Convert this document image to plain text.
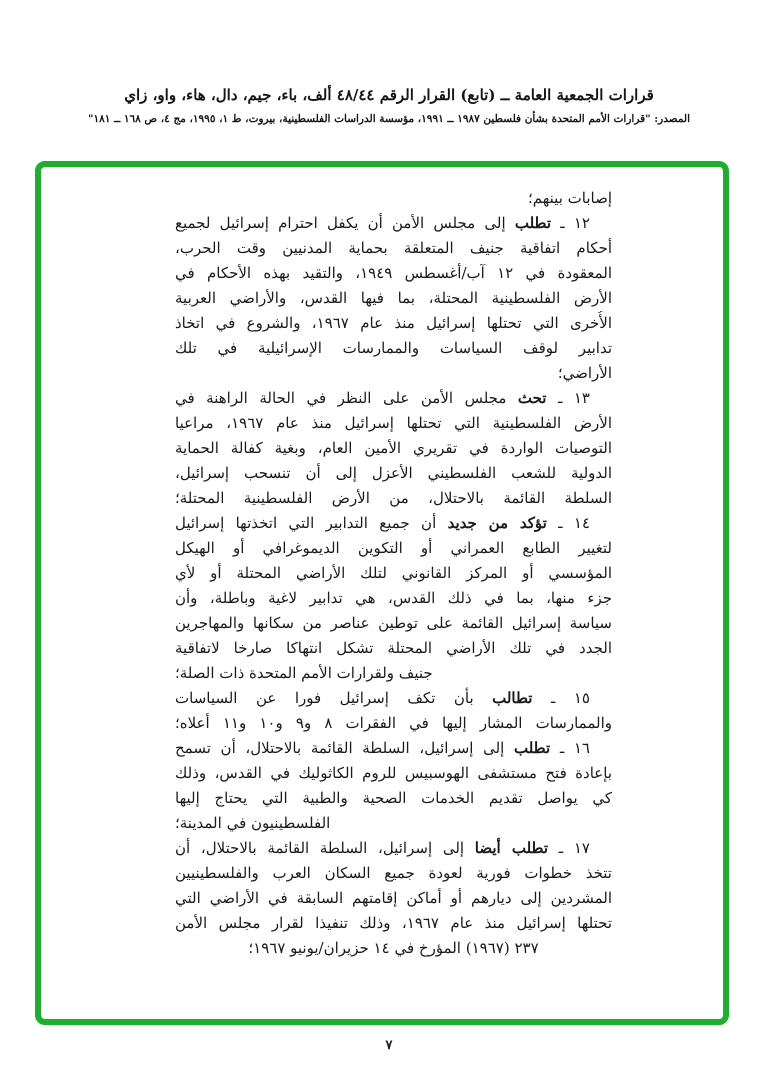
قرارات الجمعية العامة ــ (تابع) القرار الرقم ٤٨/٤٤ ألف، باء، جيم، دال، هاء، واو، زاي
المصدر: "قرارات الأمم المتحدة بشأن فلسطين ١٩٨٧ ــ ١٩٩١، مؤسسة الدراسات الفلسطينية، بيروت، ط ١، ١٩٩٥، مج ٤، ص ١٦٨ ــ ١٨١"
إصابات بينهم؛
١٢ ـ تطلب إلى مجلس الأمن أن يكفل احترام إسرائيل لجميع
أحكام اتفاقية جنيف المتعلقة بحماية المدنيين وقت الحرب،
المعقودة في ١٢ آب/أغسطس ١٩٤٩، والتقيد بهذه الأحكام في
الأرض الفلسطينية المحتلة، بما فيها القدس، والأراضي العربية
الأُخرى التي تحتلها إسرائيل منذ عام ١٩٦٧، والشروع في اتخاذ
تدابير لوقف السياسات والممارسات الإسرائيلية في تلك
الأراضي؛
١٣ ـ تحث مجلس الأمن على النظر في الحالة الراهنة في
الأرض الفلسطينية التي تحتلها إسرائيل منذ عام ١٩٦٧، مراعيا
التوصيات الواردة في تقريري الأمين العام، وبغية كفالة الحماية
الدولية للشعب الفلسطيني الأعزل إلى أن تنسحب إسرائيل،
السلطة القائمة بالاحتلال، من الأرض الفلسطينية المحتلة؛
١٤ ـ تؤكد من جديد أن جميع التدابير التي اتخذتها إسرائيل
لتغيير الطابع العمراني أو التكوين الديموغرافي أو الهيكل
المؤسسي أو المركز القانوني لتلك الأراضي المحتلة أو لأي
جزء منها، بما في ذلك القدس، هي تدابير لاغية وباطلة، وأن
سياسة إسرائيل القائمة على توطين عناصر من سكانها والمهاجرين
الجدد في تلك الأراضي المحتلة تشكل انتهاكا صارخا لاتفاقية
جنيف ولقرارات الأمم المتحدة ذات الصلة؛
١٥ ـ تطالب بأن تكف إسرائيل فورا عن السياسات
والممارسات المشار إليها في الفقرات ٨ و٩ و١٠ و١١ أعلاه؛
١٦ ـ تطلب إلى إسرائيل، السلطة القائمة بالاحتلال، أن تسمح
بإعادة فتح مستشفى الهوسبيس للروم الكاثوليك في القدس، وذلك
كي يواصل تقديم الخدمات الصحية والطبية التي يحتاج إليها
الفلسطينيون في المدينة؛
١٧ ـ تطلب أيضا إلى إسرائيل، السلطة القائمة بالاحتلال، أن
تتخذ خطوات فورية لعودة جميع السكان العرب والفلسطينيين
المشردين إلى ديارهم أو أماكن إقامتهم السابقة في الأراضي التي
تحتلها إسرائيل منذ عام ١٩٦٧، وذلك تنفيذا لقرار مجلس الأمن
٢٣٧ (١٩٦٧) المؤرخ في ١٤ حزيران/يونيو ١٩٦٧؛
٧
